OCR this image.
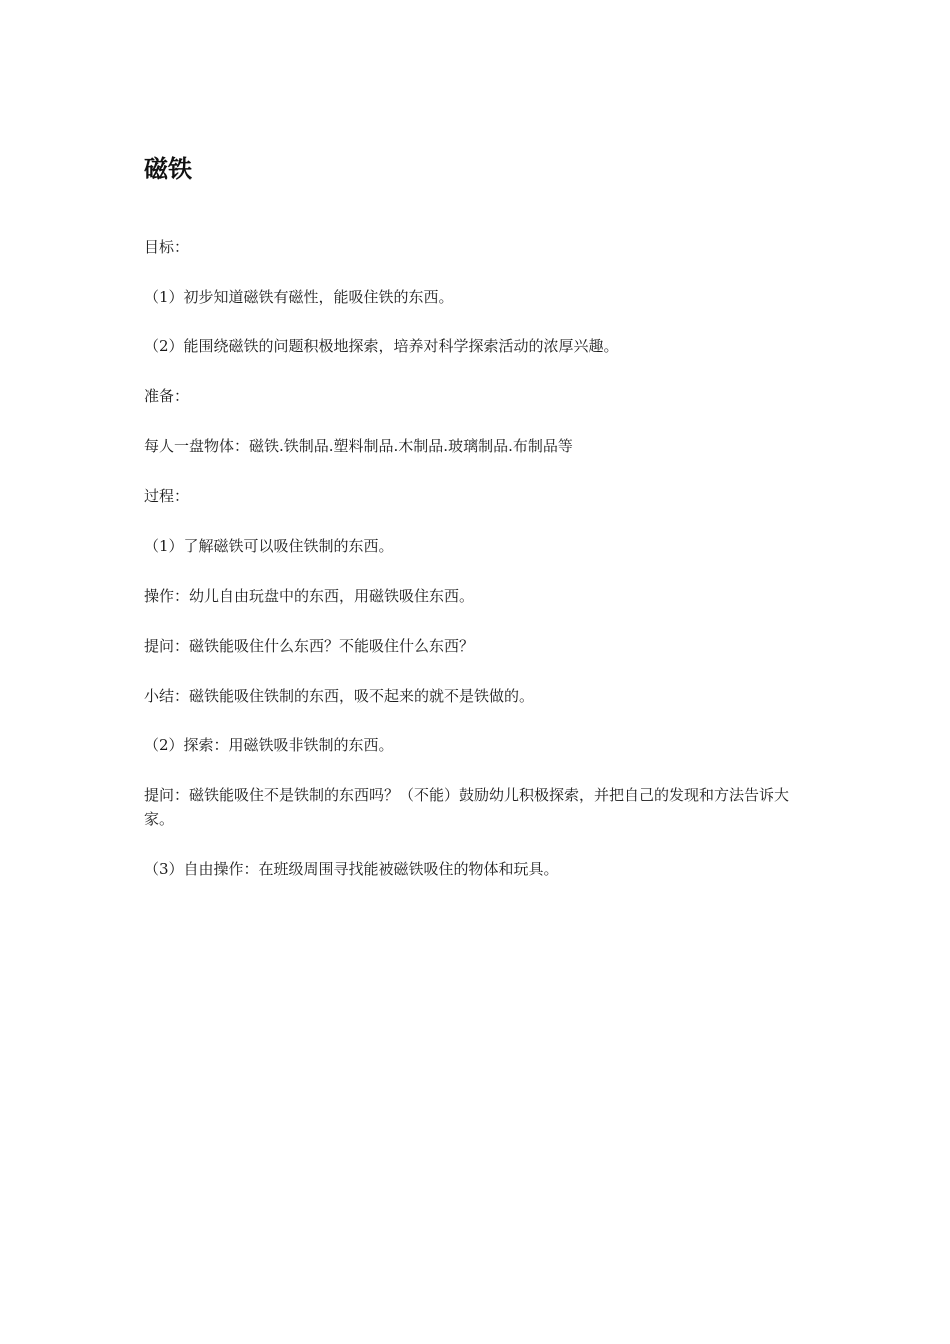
磁铁

目标：

（1）初步知道磁铁有磁性，能吸住铁的东西。

（2）能围绕磁铁的问题积极地探索，培养对科学探索活动的浓厚兴趣。

准备：

每人一盘物体：磁铁.铁制品.塑料制品.木制品.玻璃制品.布制品等

过程：

（1）了解磁铁可以吸住铁制的东西。

操作：幼儿自由玩盘中的东西，用磁铁吸住东西。

提问：磁铁能吸住什么东西？不能吸住什么东西？

小结：磁铁能吸住铁制的东西，吸不起来的就不是铁做的。

（2）探索：用磁铁吸非铁制的东西。

提问：磁铁能吸住不是铁制的东西吗？（不能）鼓励幼儿积极探索，并把自己的发现和方法告诉大家。

（3）自由操作：在班级周围寻找能被磁铁吸住的物体和玩具。
